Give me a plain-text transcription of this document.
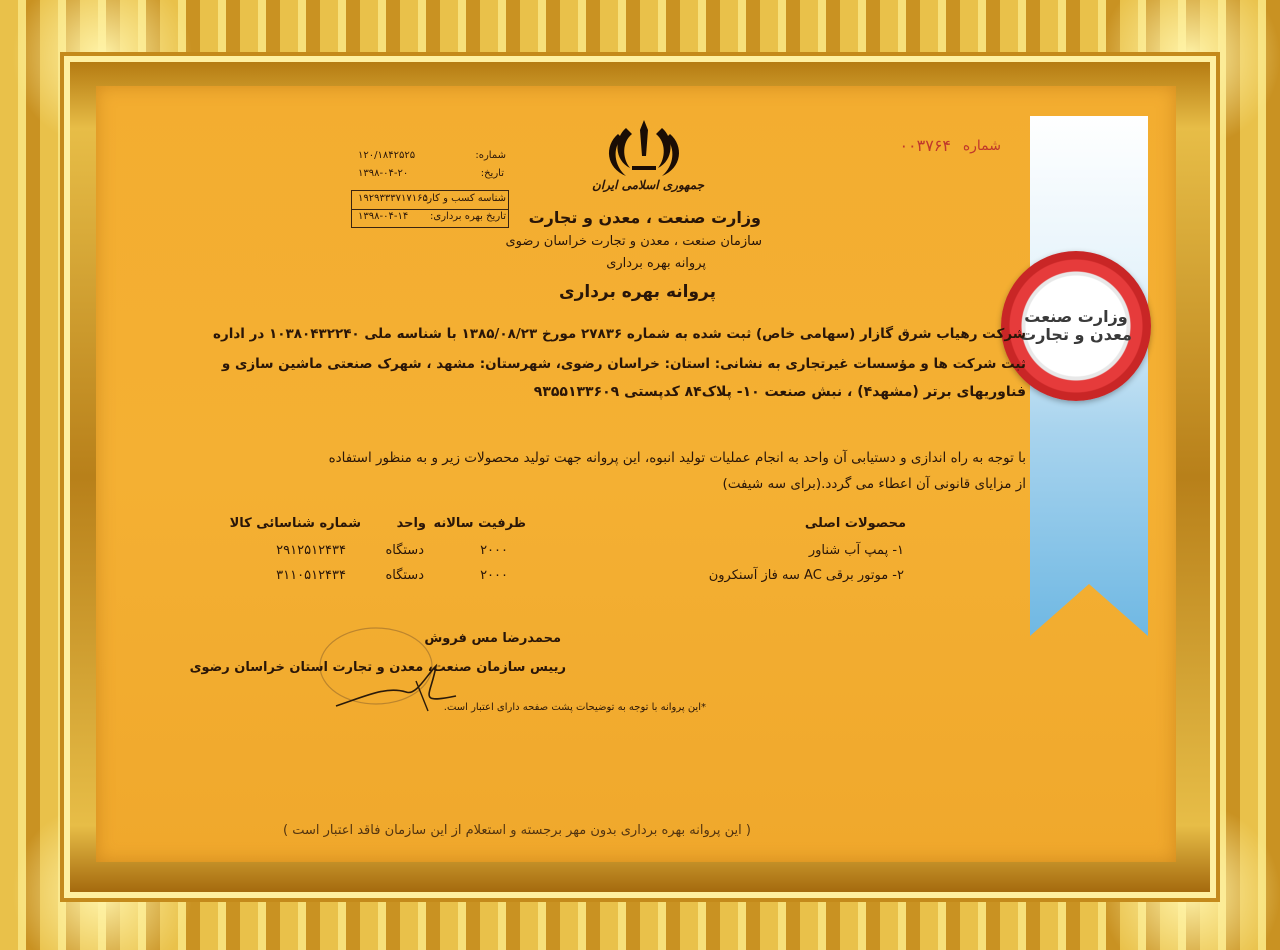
شماره
۰۰۳۷۶۴
وزارت صنعت
معدن و تجارت
جمهوری اسلامی ایران
وزارت صنعت ، معدن و تجارت
سازمان صنعت ، معدن و تجارت خراسان رضوی
پروانه بهره برداری
شماره:
۱۲۰/۱۸۴۲۵۲۵
تاریخ:
۱۳۹۸-۰۴-۲۰
شناسه کسب و کار:
۱۹۲۹۳۳۳۷۱۷۱۶۵
تاریخ بهره برداری:
۱۳۹۸-۰۴-۱۴
پروانه بهره برداری
شرکت رهیاب شرق گازار (سهامی خاص) ثبت شده به شماره ۲۷۸۳۶ مورخ ۱۳۸۵/۰۸/۲۳ با شناسه ملی ۱۰۳۸۰۴۳۲۲۴۰ در اداره
ثبت شرکت ها و مؤسسات غیرتجاری به نشانی: استان: خراسان رضوی، شهرستان: مشهد ، شهرک صنعتی ماشین سازی و
فناوریهای برتر (مشهد۴) ، نبش صنعت ۱۰- پلاک۸۴ کدپستی ۹۳۵۵۱۳۳۶۰۹
با توجه به راه اندازی و دستیابی آن واحد به انجام عملیات تولید انبوه، این پروانه جهت تولید محصولات زیر و به منظور استفاده
از مزایای قانونی آن اعطاء می گردد.(برای سه شیفت)
محصولات اصلی
ظرفیت سالانه
واحد
شماره شناسائی کالا
۱- پمپ آب شناور
۲۰۰۰
دستگاه
۲۹۱۲۵۱۲۴۳۴
۲- موتور برقی AC سه فاز آسنکرون
۲۰۰۰
دستگاه
۳۱۱۰۵۱۲۴۳۴
محمدرضا مس فروش
رییس سازمان صنعت، معدن و تجارت استان خراسان رضوی
*این پروانه با توجه به توضیحات پشت صفحه دارای اعتبار است.
( این پروانه بهره برداری بدون مهر برجسته و استعلام از این سازمان فاقد اعتبار است )
